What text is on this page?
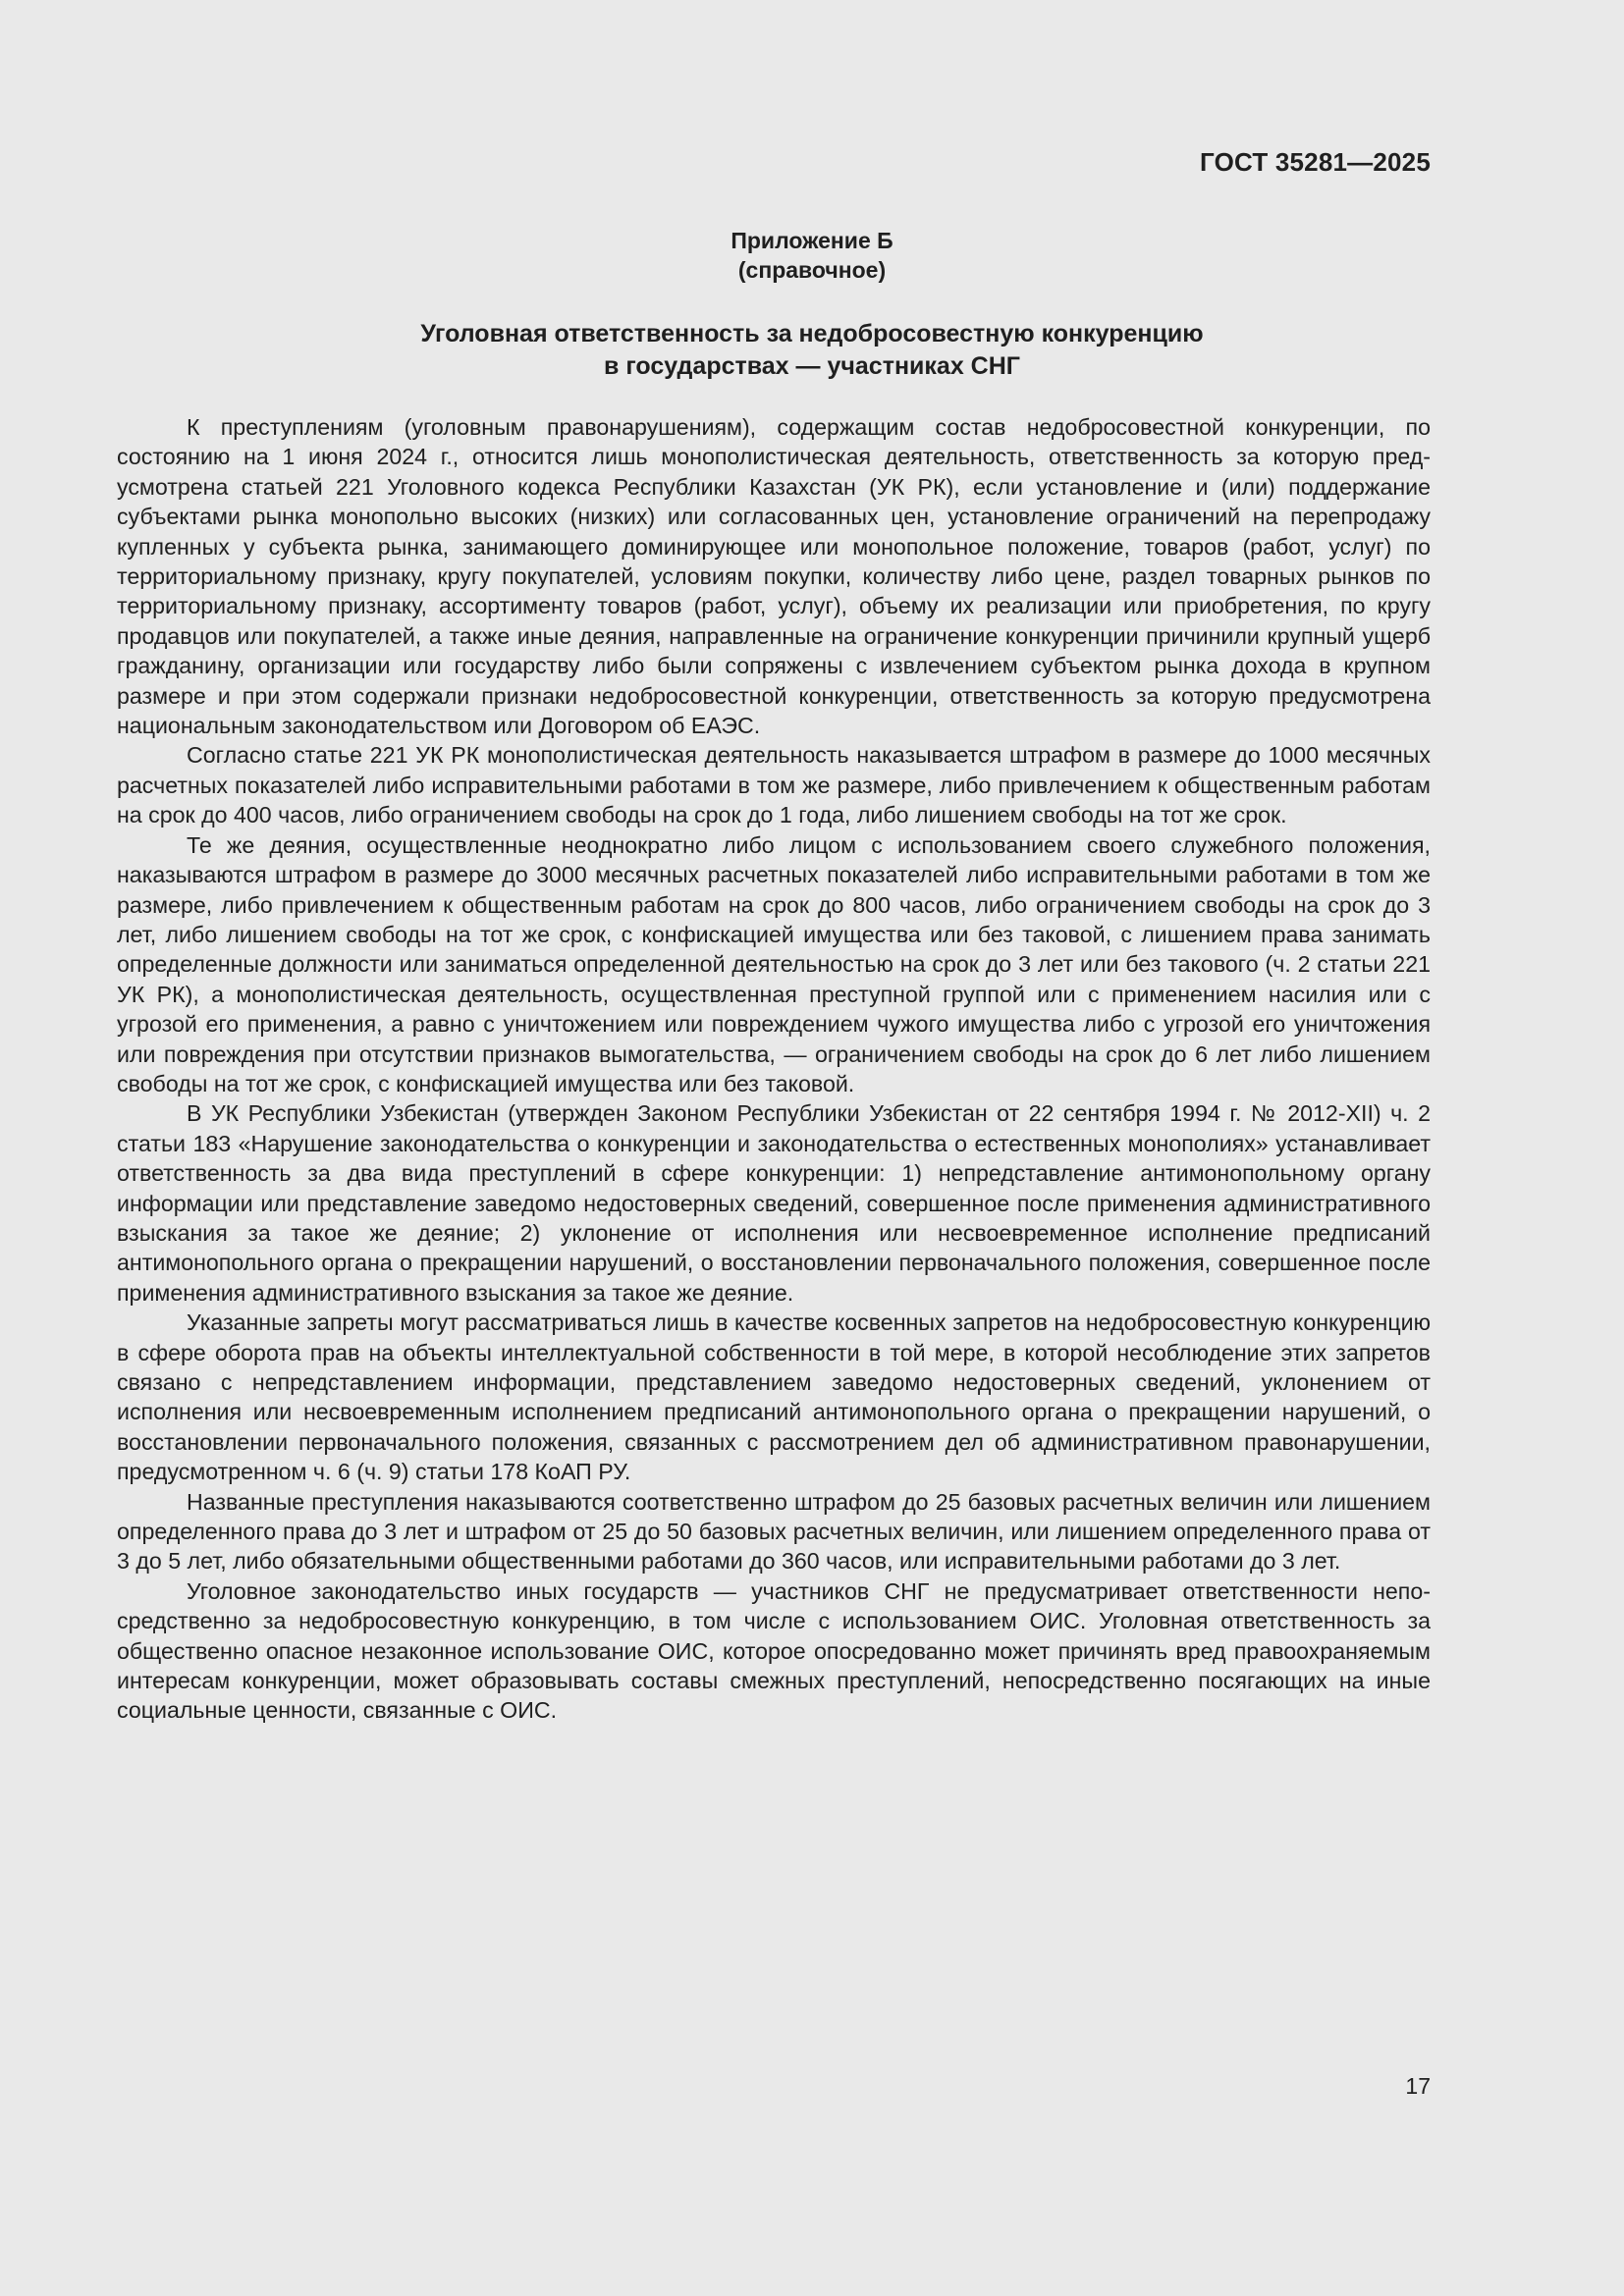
ГОСТ 35281—2025
Приложение Б
(справочное)
Уголовная ответственность за недобросовестную конкуренцию
в государствах — участниках СНГ

К преступлениям (уголовным правонарушениям), содержащим состав недобросовестной конкуренции, по состоянию на 1 июня 2024 г., относится лишь монополистическая деятельность, ответственность за которую предусмотрена статьей 221 Уголовного кодекса Республики Казахстан (УК РК), если установление и (или) поддержание субъектами рынка монопольно высоких (низких) или согласованных цен, установление ограничений на перепродажу купленных у субъекта рынка, занимающего доминирующее или монопольное положение, товаров (работ, услуг) по территориальному признаку, кругу покупателей, условиям покупки, количеству либо цене, раздел товарных рынков по территориальному признаку, ассортименту товаров (работ, услуг), объему их реализации или приобретения, по кругу продавцов или покупателей, а также иные деяния, направленные на ограничение конкуренции причинили крупный ущерб гражданину, организации или государству либо были сопряжены с извлечением субъектом рынка дохода в крупном размере и при этом содержали признаки недобросовестной конкуренции, ответственность за которую предусмотрена национальным законодательством или Договором об ЕАЭС.

Согласно статье 221 УК РК монополистическая деятельность наказывается штрафом в размере до 1000 месячных расчетных показателей либо исправительными работами в том же размере, либо привлечением к общественным работам на срок до 400 часов, либо ограничением свободы на срок до 1 года, либо лишением свободы на тот же срок.

Те же деяния, осуществленные неоднократно либо лицом с использованием своего служебного положения, наказываются штрафом в размере до 3000 месячных расчетных показателей либо исправительными работами в том же размере, либо привлечением к общественным работам на срок до 800 часов, либо ограничением свободы на срок до 3 лет, либо лишением свободы на тот же срок, с конфискацией имущества или без таковой, с лишением права занимать определенные должности или заниматься определенной деятельностью на срок до 3 лет или без такового (ч. 2 статьи 221 УК РК), а монополистическая деятельность, осуществленная преступной группой или с применением насилия или с угрозой его применения, а равно с уничтожением или повреждением чужого имущества либо с угрозой его уничтожения или повреждения при отсутствии признаков вымогательства, — ограничением свободы на срок до 6 лет либо лишением свободы на тот же срок, с конфискацией имущества или без таковой.

В УК Республики Узбекистан (утвержден Законом Республики Узбекистан от 22 сентября 1994 г. № 2012-XII) ч. 2 статьи 183 «Нарушение законодательства о конкуренции и законодательства о естественных монополиях» устанавливает ответственность за два вида преступлений в сфере конкуренции: 1) непредставление антимонопольному органу информации или представление заведомо недостоверных сведений, совершенное после применения административного взыскания за такое же деяние; 2) уклонение от исполнения или несвоевременное исполнение предписаний антимонопольного органа о прекращении нарушений, о восстановлении первоначального положения, совершенное после применения административного взыскания за такое же деяние.

Указанные запреты могут рассматриваться лишь в качестве косвенных запретов на недобросовестную конкуренцию в сфере оборота прав на объекты интеллектуальной собственности в той мере, в которой несоблюдение этих запретов связано с непредставлением информации, представлением заведомо недостоверных сведений, уклонением от исполнения или несвоевременным исполнением предписаний антимонопольного органа о прекращении нарушений, о восстановлении первоначального положения, связанных с рассмотрением дел об административном правонарушении, предусмотренном ч. 6 (ч. 9) статьи 178 КоАП РУ.

Названные преступления наказываются соответственно штрафом до 25 базовых расчетных величин или лишением определенного права до 3 лет и штрафом от 25 до 50 базовых расчетных величин, или лишением определенного права от 3 до 5 лет, либо обязательными общественными работами до 360 часов, или исправительными работами до 3 лет.

Уголовное законодательство иных государств — участников СНГ не предусматривает ответственности непосредственно за недобросовестную конкуренцию, в том числе с использованием ОИС. Уголовная ответственность за общественно опасное незаконное использование ОИС, которое опосредованно может причинять вред правоохраняемым интересам конкуренции, может образовывать составы смежных преступлений, непосредственно посягающих на иные социальные ценности, связанные с ОИС.

17
